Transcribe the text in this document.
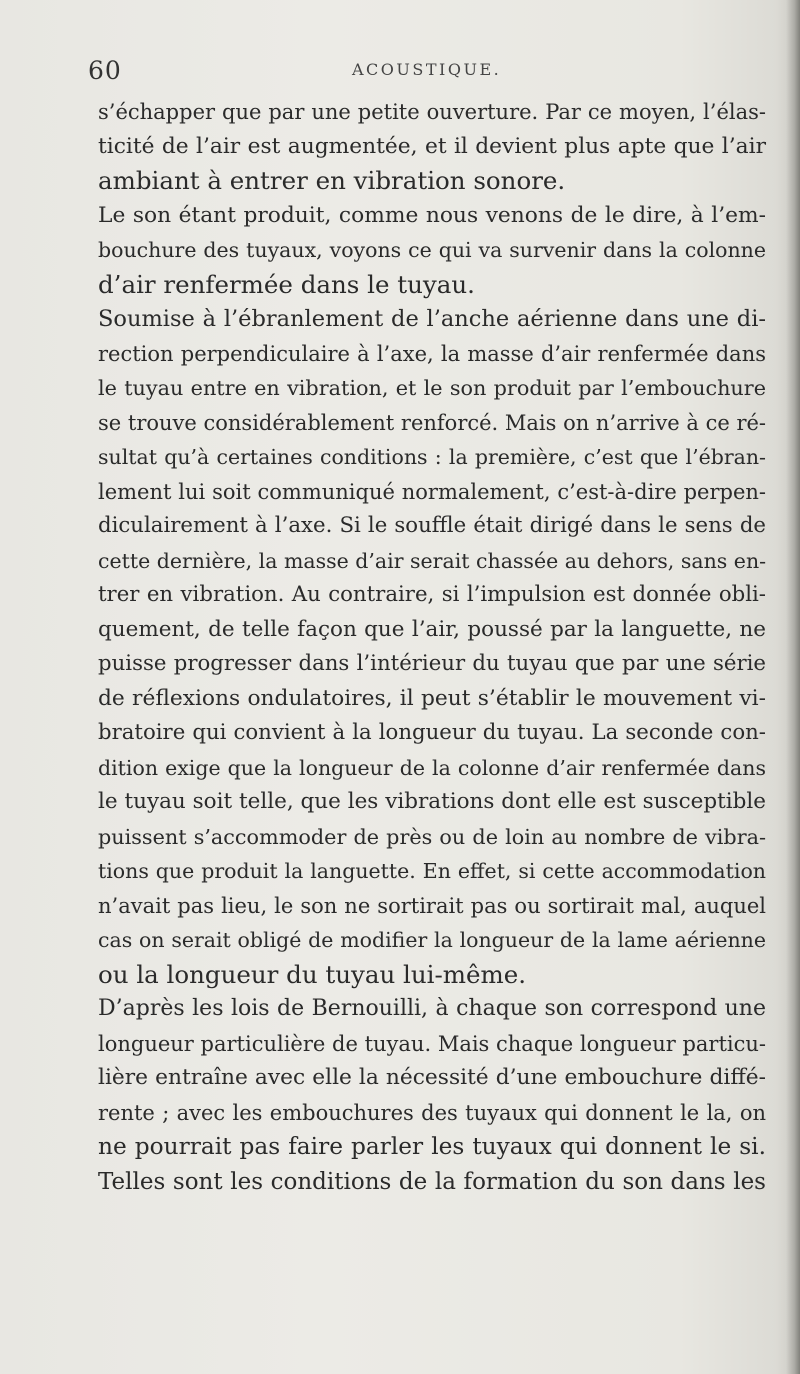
60	ACOUSTIQUE.
s’échapper que par une petite ouverture. Par ce moyen, l’élas-
ticité de l’air est augmentée, et il devient plus apte que l’air
ambiant à entrer en vibration sonore.
Le son étant produit, comme nous venons de le dire, à l’em-
bouchure des tuyaux, voyons ce qui va survenir dans la colonne
d’air renfermée dans le tuyau.
Soumise à l’ébranlement de l’anche aérienne dans une di-
rection perpendiculaire à l’axe, la masse d’air renfermée dans
le tuyau entre en vibration, et le son produit par l’embouchure
se trouve considérablement renforcé. Mais on n’arrive à ce ré-
sultat qu’à certaines conditions : la première, c’est que l’ébran-
lement lui soit communiqué normalement, c’est-à-dire perpen-
diculairement à l’axe. Si le souffle était dirigé dans le sens de
cette dernière, la masse d’air serait chassée au dehors, sans en-
trer en vibration. Au contraire, si l’impulsion est donnée obli-
quement, de telle façon que l’air, poussé par la languette, ne
puisse progresser dans l’intérieur du tuyau que par une série
de réflexions ondulatoires, il peut s’établir le mouvement vi-
bratoire qui convient à la longueur du tuyau. La seconde con-
dition exige que la longueur de la colonne d’air renfermée dans
le tuyau soit telle, que les vibrations dont elle est susceptible
puissent s’accommoder de près ou de loin au nombre de vibra-
tions que produit la languette. En effet, si cette accommodation
n’avait pas lieu, le son ne sortirait pas ou sortirait mal, auquel
cas on serait obligé de modifier la longueur de la lame aérienne
ou la longueur du tuyau lui-même.
D’après les lois de Bernouilli, à chaque son correspond une
longueur particulière de tuyau. Mais chaque longueur particu-
lière entraîne avec elle la nécessité d’une embouchure diffé-
rente ; avec les embouchures des tuyaux qui donnent le la, on
ne pourrait pas faire parler les tuyaux qui donnent le si.
Telles sont les conditions de la formation du son dans les
